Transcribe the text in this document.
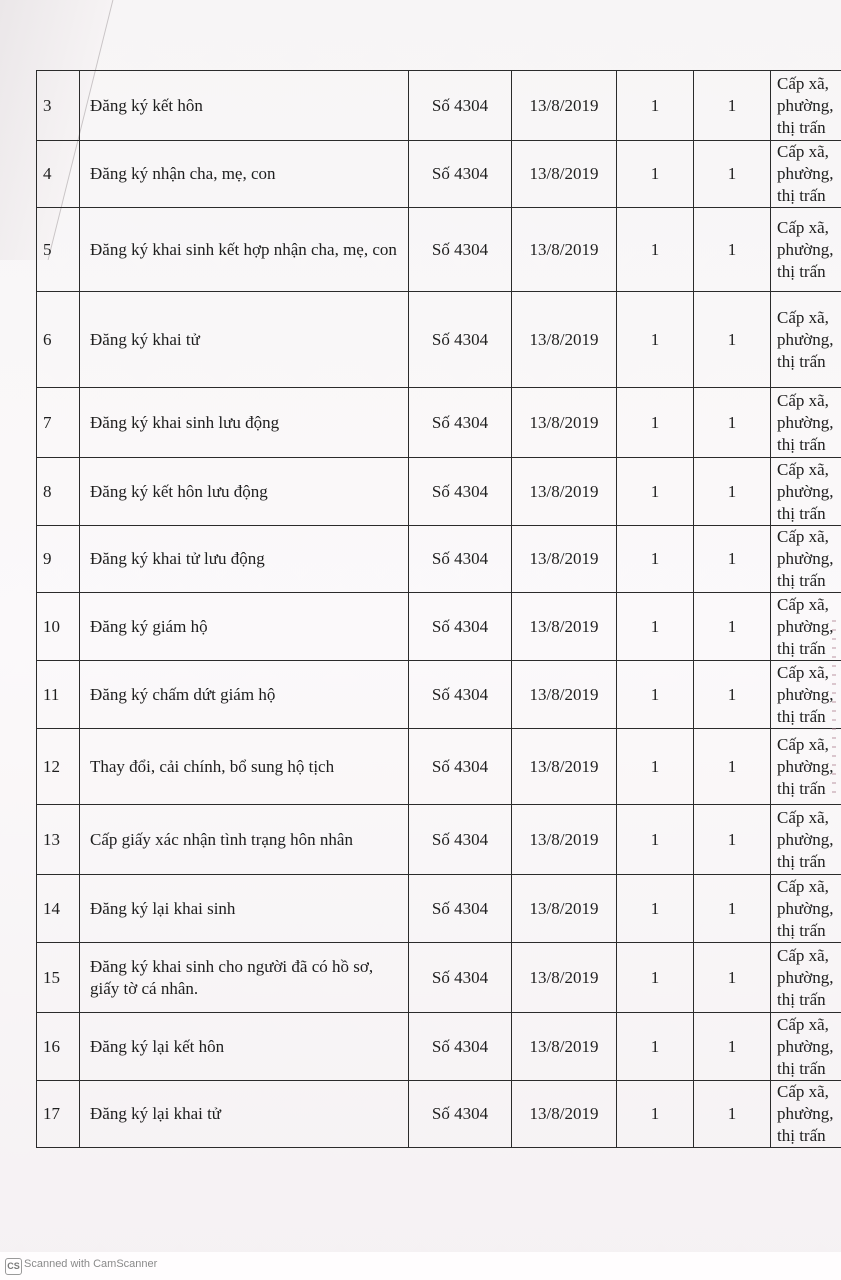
3	Đăng ký kết hôn	Số 4304	13/8/2019	1	1	Cấp xã,
phường,
thị trấn

4	Đăng ký nhận cha, mẹ, con	Số 4304	13/8/2019	1	1	Cấp xã,
phường,
thị trấn

5	Đăng ký khai sinh kết hợp nhận cha, mẹ, con	Số 4304	13/8/2019	1	1	Cấp xã,
phường,
thị trấn

6	Đăng ký khai tử	Số 4304	13/8/2019	1	1	Cấp xã,
phường,
thị trấn

7	Đăng ký khai sinh lưu động	Số 4304	13/8/2019	1	1	Cấp xã,
phường,
thị trấn

8	Đăng ký kết hôn lưu động	Số 4304	13/8/2019	1	1	Cấp xã,
phường,
thị trấn

9	Đăng ký khai tử lưu động	Số 4304	13/8/2019	1	1	Cấp xã,
phường,
thị trấn

10	Đăng ký giám hộ	Số 4304	13/8/2019	1	1	Cấp xã,
phường,
thị trấn

11	Đăng ký chấm dứt giám hộ	Số 4304	13/8/2019	1	1	Cấp xã,
phường,
thị trấn

12	Thay đổi, cải chính, bổ sung hộ tịch	Số 4304	13/8/2019	1	1	Cấp xã,
phường,
thị trấn

13	Cấp giấy xác nhận tình trạng hôn nhân	Số 4304	13/8/2019	1	1	Cấp xã,
phường,
thị trấn

14	Đăng ký lại khai sinh	Số 4304	13/8/2019	1	1	Cấp xã,
phường,
thị trấn

15	Đăng ký khai sinh cho người đã có hồ sơ, giấy tờ cá nhân.	Số 4304	13/8/2019	1	1	Cấp xã,
phường,
thị trấn

16	Đăng ký lại kết hôn	Số 4304	13/8/2019	1	1	Cấp xã,
phường,
thị trấn

17	Đăng ký lại khai tử	Số 4304	13/8/2019	1	1	Cấp xã,
phường,
thị trấn
CS Scanned with CamScanner
